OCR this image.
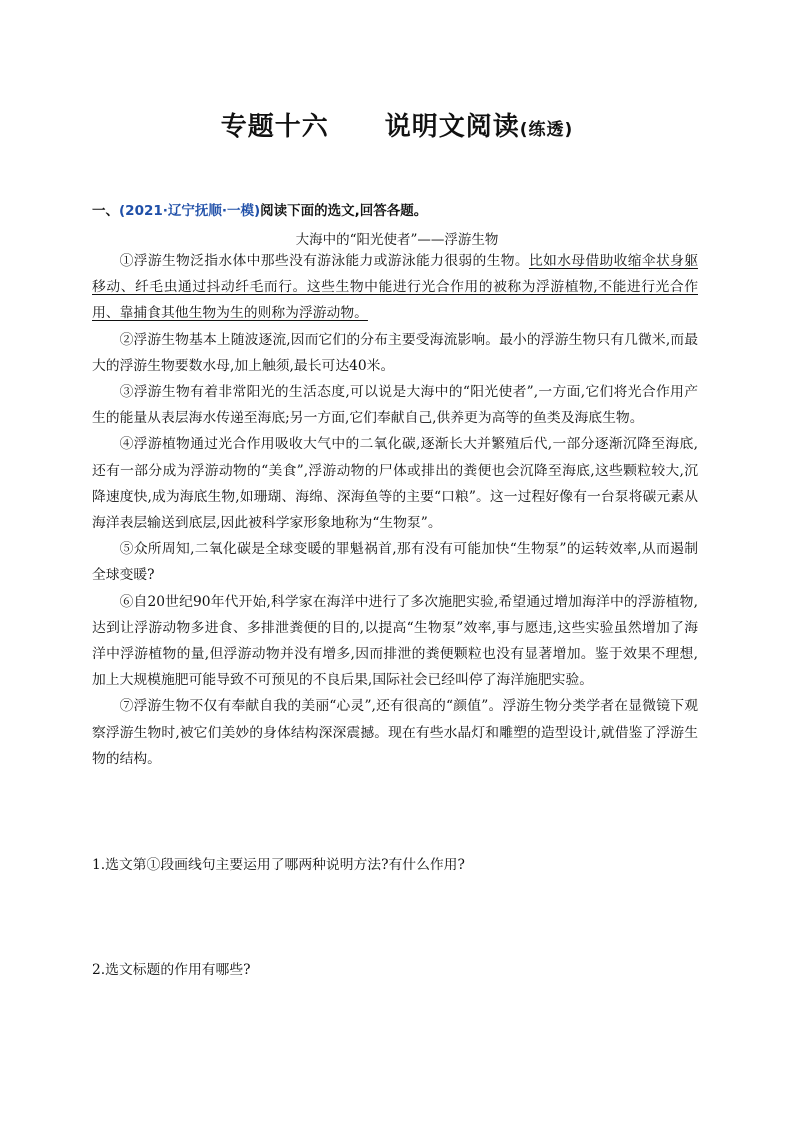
专题十六 说明文阅读(练透)
一、(2021·辽宁抚顺·一模)阅读下面的选文,回答各题。
大海中的“阳光使者”——浮游生物

①浮游生物泛指水体中那些没有游泳能力或游泳能力很弱的生物。比如水母借助收缩伞状身躯移动、纤毛虫通过抖动纤毛而行。这些生物中能进行光合作用的被称为浮游植物,不能进行光合作用、靠捕食其他生物为生的则称为浮游动物。

②浮游生物基本上随波逐流,因而它们的分布主要受海流影响。最小的浮游生物只有几微米,而最大的浮游生物要数水母,加上触须,最长可达40米。

③浮游生物有着非常阳光的生活态度,可以说是大海中的“阳光使者”,一方面,它们将光合作用产生的能量从表层海水传递至海底;另一方面,它们奉献自己,供养更为高等的鱼类及海底生物。

④浮游植物通过光合作用吸收大气中的二氧化碳,逐渐长大并繁殖后代,一部分逐渐沉降至海底,还有一部分成为浮游动物的“美食”,浮游动物的尸体或排出的粪便也会沉降至海底,这些颗粒较大,沉降速度快,成为海底生物,如珊瑚、海绵、深海鱼等的主要“口粮”。这一过程好像有一台泵将碳元素从海洋表层输送到底层,因此被科学家形象地称为“生物泵”。

⑤众所周知,二氧化碳是全球变暖的罪魁祸首,那有没有可能加快“生物泵”的运转效率,从而遏制全球变暖?

⑥自20世纪90年代开始,科学家在海洋中进行了多次施肥实验,希望通过增加海洋中的浮游植物,达到让浮游动物多进食、多排泄粪便的目的,以提高“生物泵”效率,事与愿违,这些实验虽然增加了海洋中浮游植物的量,但浮游动物并没有增多,因而排泄的粪便颗粒也没有显著增加。鉴于效果不理想,加上大规模施肥可能导致不可预见的不良后果,国际社会已经叫停了海洋施肥实验。

⑦浮游生物不仅有奉献自我的美丽“心灵”,还有很高的“颜值”。浮游生物分类学者在显微镜下观察浮游生物时,被它们美妙的身体结构深深震撼。现在有些水晶灯和雕塑的造型设计,就借鉴了浮游生物的结构。

1.选文第①段画线句主要运用了哪两种说明方法?有什么作用?
2.选文标题的作用有哪些?
